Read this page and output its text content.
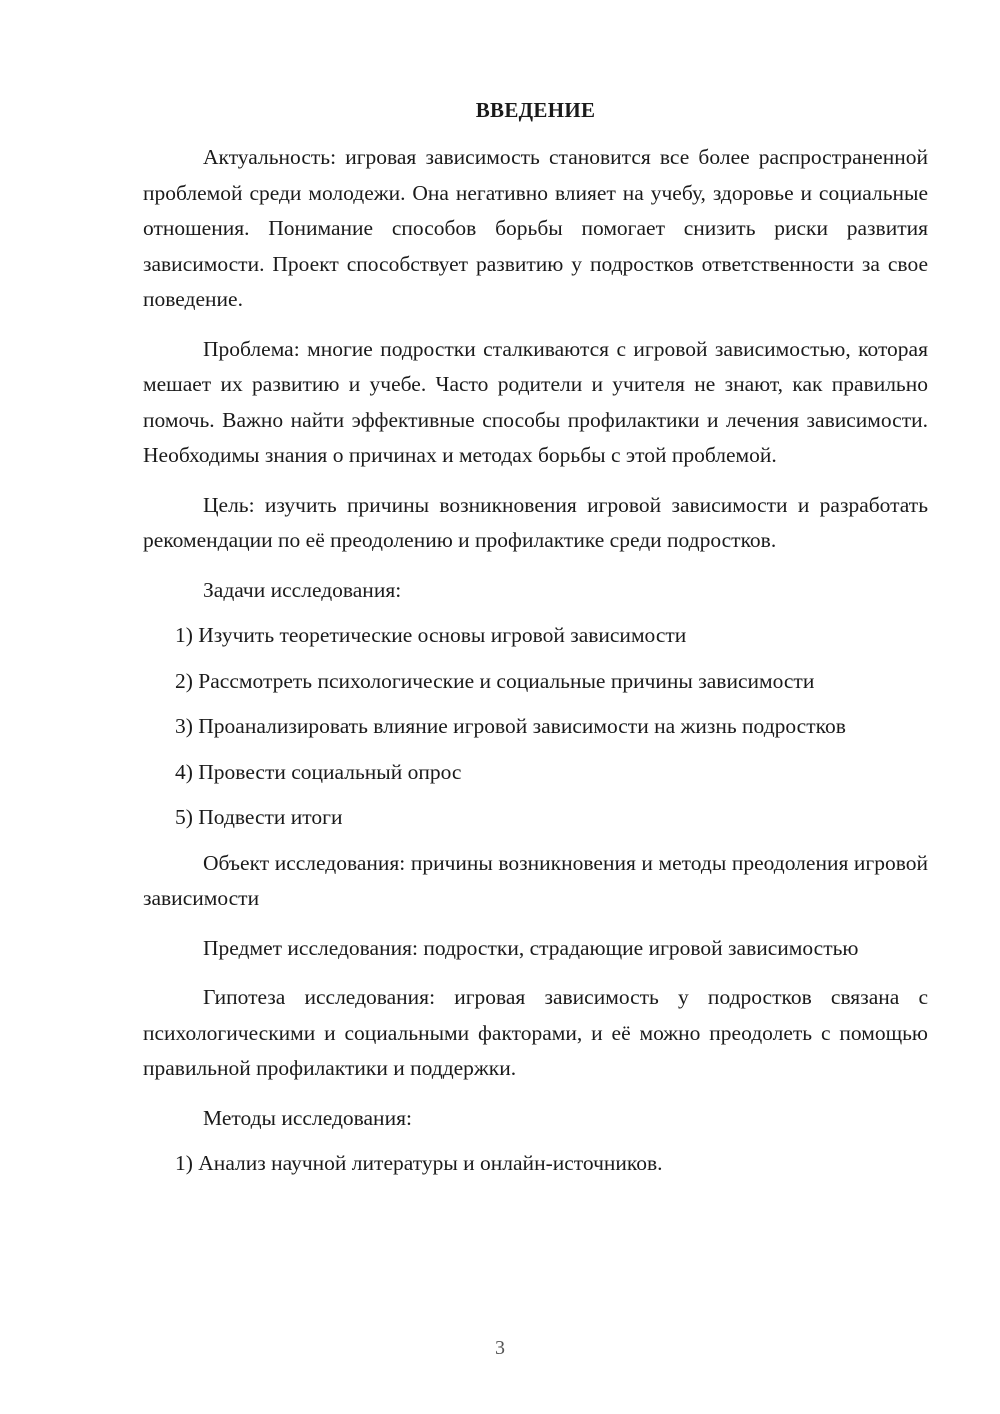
ВВЕДЕНИЕ

Актуальность: игровая зависимость становится все более распространенной проблемой среди молодежи. Она негативно влияет на учебу, здоровье и социальные отношения. Понимание способов борьбы помогает снизить риски развития зависимости. Проект способствует развитию у подростков ответственности за свое поведение.

Проблема: многие подростки сталкиваются с игровой зависимостью, которая мешает их развитию и учебе. Часто родители и учителя не знают, как правильно помочь. Важно найти эффективные способы профилактики и лечения зависимости. Необходимы знания о причинах и методах борьбы с этой проблемой.

Цель: изучить причины возникновения игровой зависимости и разработать рекомендации по её преодолению и профилактике среди подростков.

Задачи исследования:

1) Изучить теоретические основы игровой зависимости

2) Рассмотреть психологические и социальные причины зависимости

3) Проанализировать влияние игровой зависимости на жизнь подростков

4) Провести социальный опрос

5) Подвести итоги

Объект исследования: причины возникновения и методы преодоления игровой зависимости

Предмет исследования: подростки, страдающие игровой зависимостью

Гипотеза исследования: игровая зависимость у подростков связана с психологическими и социальными факторами, и её можно преодолеть с помощью правильной профилактики и поддержки.

Методы исследования:

1) Анализ научной литературы и онлайн-источников.

3
